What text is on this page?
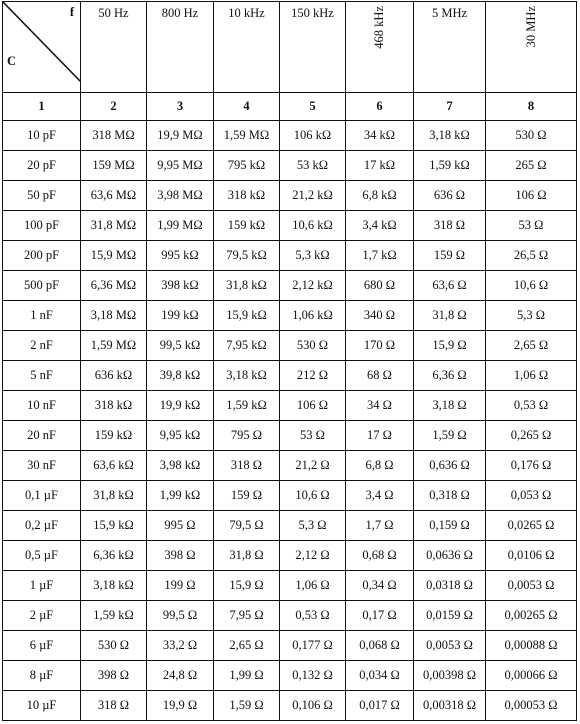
f
C	50 Hz	800 Hz	10 kHz	150 kHz	468 kHz	5 MHz	30 MHz
1	2	3	4	5	6	7	8
10 pF	318 MΩ	19,9 MΩ	1,59 MΩ	106 kΩ	34 kΩ	3,18 kΩ	530 Ω
20 pF	159 MΩ	9,95 MΩ	795 kΩ	53 kΩ	17 kΩ	1,59 kΩ	265 Ω
50 pF	63,6 MΩ	3,98 MΩ	318 kΩ	21,2 kΩ	6,8 kΩ	636 Ω	106 Ω
100 pF	31,8 MΩ	1,99 MΩ	159 kΩ	10,6 kΩ	3,4 kΩ	318 Ω	53 Ω
200 pF	15,9 MΩ	995 kΩ	79,5 kΩ	5,3 kΩ	1,7 kΩ	159 Ω	26,5 Ω
500 pF	6,36 MΩ	398 kΩ	31,8 kΩ	2,12 kΩ	680 Ω	63,6 Ω	10,6 Ω
1 nF	3,18 MΩ	199 kΩ	15,9 kΩ	1,06 kΩ	340 Ω	31,8 Ω	5,3 Ω
2 nF	1,59 MΩ	99,5 kΩ	7,95 kΩ	530 Ω	170 Ω	15,9 Ω	2,65 Ω
5 nF	636 kΩ	39,8 kΩ	3,18 kΩ	212 Ω	68 Ω	6,36 Ω	1,06 Ω
10 nF	318 kΩ	19,9 kΩ	1,59 kΩ	106 Ω	34 Ω	3,18 Ω	0,53 Ω
20 nF	159 kΩ	9,95 kΩ	795 Ω	53 Ω	17 Ω	1,59 Ω	0,265 Ω
30 nF	63,6 kΩ	3,98 kΩ	318 Ω	21,2 Ω	6,8 Ω	0,636 Ω	0,176 Ω
0,1 µF	31,8 kΩ	1,99 kΩ	159 Ω	10,6 Ω	3,4 Ω	0,318 Ω	0,053 Ω
0,2 µF	15,9 kΩ	995 Ω	79,5 Ω	5,3 Ω	1,7 Ω	0,159 Ω	0,0265 Ω
0,5 µF	6,36 kΩ	398 Ω	31,8 Ω	2,12 Ω	0,68 Ω	0,0636 Ω	0,0106 Ω
1 µF	3,18 kΩ	199 Ω	15,9 Ω	1,06 Ω	0,34 Ω	0,0318 Ω	0,0053 Ω
2 µF	1,59 kΩ	99,5 Ω	7,95 Ω	0,53 Ω	0,17 Ω	0,0159 Ω	0,00265 Ω
6 µF	530 Ω	33,2 Ω	2,65 Ω	0,177 Ω	0,068 Ω	0,0053 Ω	0,00088 Ω
8 µF	398 Ω	24,8 Ω	1,99 Ω	0,132 Ω	0,034 Ω	0,00398 Ω	0,00066 Ω
10 µF	318 Ω	19,9 Ω	1,59 Ω	0,106 Ω	0,017 Ω	0,00318 Ω	0,00053 Ω
